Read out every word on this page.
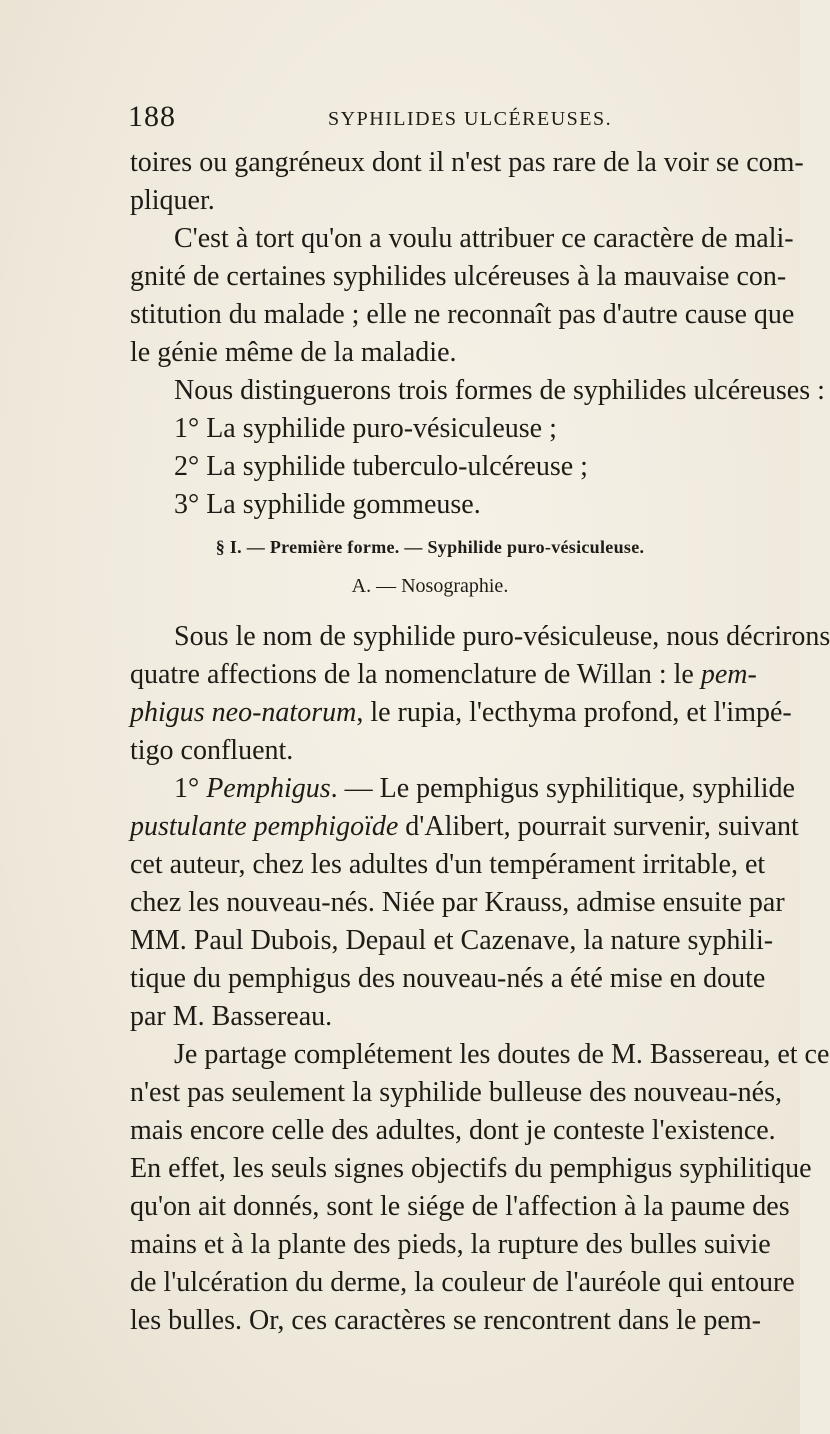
188	SYPHILIDES ULCÉREUSES.
toires ou gangréneux dont il n'est pas rare de la voir se com-
pliquer.
C'est à tort qu'on a voulu attribuer ce caractère de mali-
gnité de certaines syphilides ulcéreuses à la mauvaise con-
stitution du malade ; elle ne reconnaît pas d'autre cause que
le génie même de la maladie.
Nous distinguerons trois formes de syphilides ulcéreuses :
1° La syphilide puro-vésiculeuse ;
2° La syphilide tuberculo-ulcéreuse ;
3° La syphilide gommeuse.
§ I. — Première forme. — Syphilide puro-vésiculeuse.
A. — Nosographie.
Sous le nom de syphilide puro-vésiculeuse, nous décrirons
quatre affections de la nomenclature de Willan : le pem-
phigus neo-natorum, le rupia, l'ecthyma profond, et l'impé-
tigo confluent.
1° Pemphigus. — Le pemphigus syphilitique, syphilide
pustulante pemphigoïde d'Alibert, pourrait survenir, suivant
cet auteur, chez les adultes d'un tempérament irritable, et
chez les nouveau-nés. Niée par Krauss, admise ensuite par
MM. Paul Dubois, Depaul et Cazenave, la nature syphili-
tique du pemphigus des nouveau-nés a été mise en doute
par M. Bassereau.
Je partage complétement les doutes de M. Bassereau, et ce
n'est pas seulement la syphilide bulleuse des nouveau-nés,
mais encore celle des adultes, dont je conteste l'existence.
En effet, les seuls signes objectifs du pemphigus syphilitique
qu'on ait donnés, sont le siége de l'affection à la paume des
mains et à la plante des pieds, la rupture des bulles suivie
de l'ulcération du derme, la couleur de l'auréole qui entoure
les bulles. Or, ces caractères se rencontrent dans le pem-
